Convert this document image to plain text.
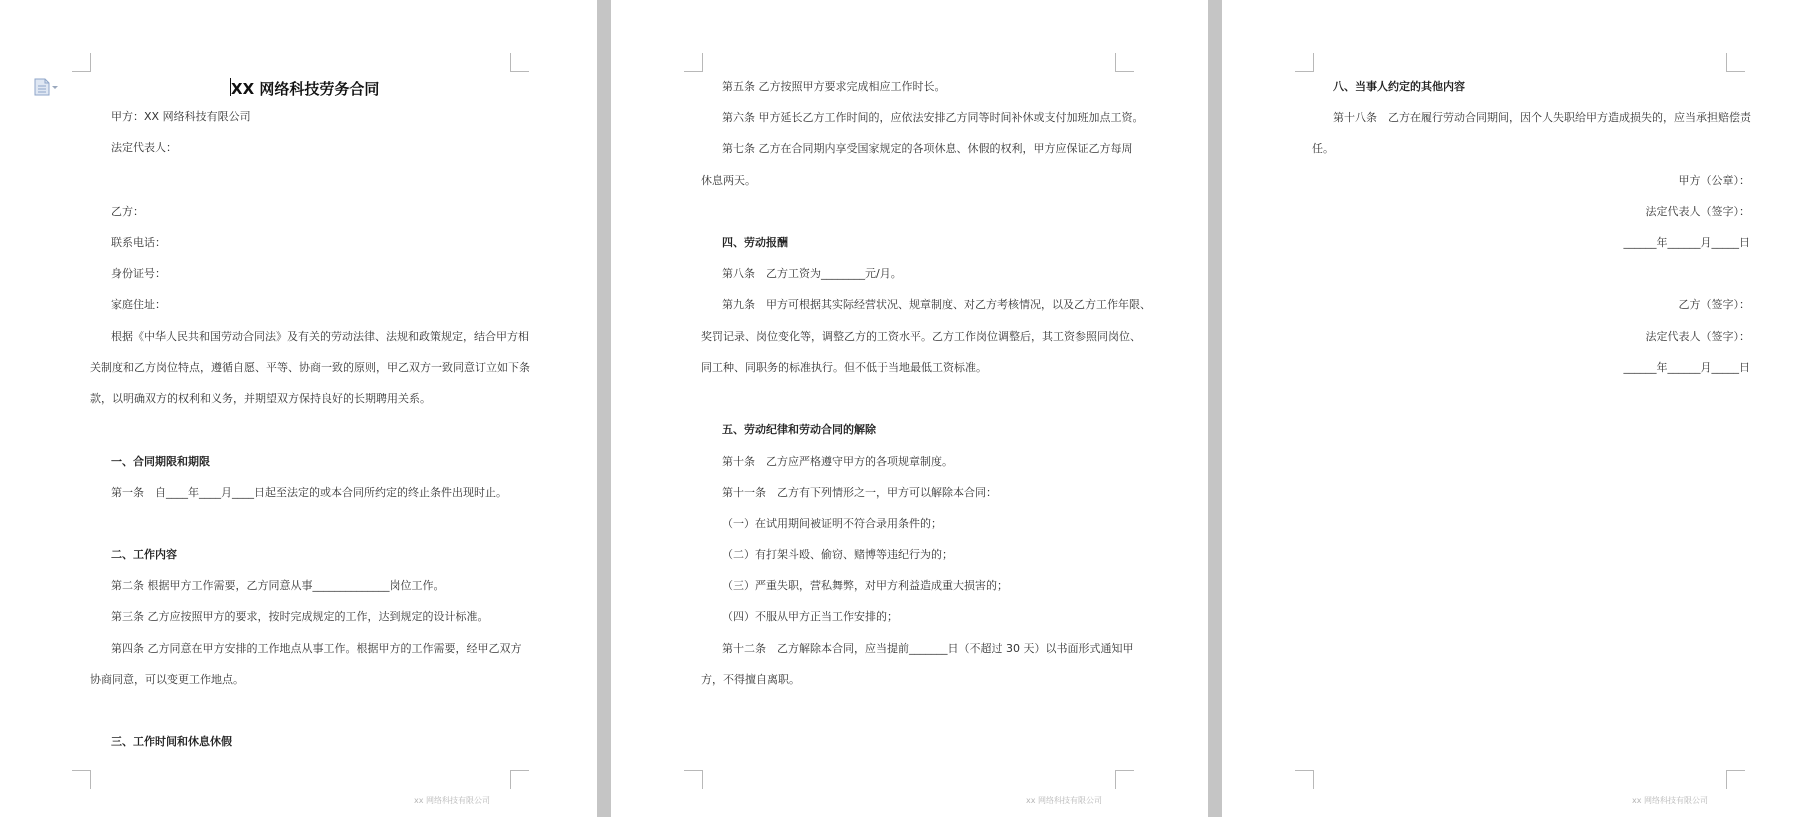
XX 网络科技劳务合同
甲方：XX 网络科技有限公司
法定代表人：
乙方：
联系电话：
身份证号：
家庭住址：
根据《中华人民共和国劳动合同法》及有关的劳动法律、法规和政策规定，结合甲方相
关制度和乙方岗位特点，遵循自愿、平等、协商一致的原则，甲乙双方一致同意订立如下条
款，以明确双方的权利和义务，并期望双方保持良好的长期聘用关系。
一、合同期限和期限
第一条　自____年____月____日起至法定的或本合同所约定的终止条件出现时止。
二、工作内容
第二条 根据甲方工作需要，乙方同意从事______________岗位工作。
第三条 乙方应按照甲方的要求，按时完成规定的工作，达到规定的设计标准。
第四条 乙方同意在甲方安排的工作地点从事工作。根据甲方的工作需要，经甲乙双方
协商同意，可以变更工作地点。
三、工作时间和休息休假
xx 网络科技有限公司
第五条 乙方按照甲方要求完成相应工作时长。
第六条 甲方延长乙方工作时间的，应依法安排乙方同等时间补休或支付加班加点工资。
第七条 乙方在合同期内享受国家规定的各项休息、休假的权利，甲方应保证乙方每周
休息两天。
四、劳动报酬
第八条　乙方工资为________元/月。
第九条　甲方可根据其实际经营状况、规章制度、对乙方考核情况，以及乙方工作年限、
奖罚记录、岗位变化等，调整乙方的工资水平。乙方工作岗位调整后，其工资参照同岗位、
同工种、同职务的标准执行。但不低于当地最低工资标准。
五、劳动纪律和劳动合同的解除
第十条　乙方应严格遵守甲方的各项规章制度。
第十一条　乙方有下列情形之一，甲方可以解除本合同：
（一）在试用期间被证明不符合录用条件的；
（二）有打架斗殴、偷窃、赌博等违纪行为的；
（三）严重失职，营私舞弊，对甲方利益造成重大损害的；
（四）不服从甲方正当工作安排的；
第十二条　乙方解除本合同，应当提前_______日（不超过 30 天）以书面形式通知甲
方，不得擅自离职。
xx 网络科技有限公司
八、当事人约定的其他内容
第十八条　乙方在履行劳动合同期间，因个人失职给甲方造成损失的，应当承担赔偿责
任。
甲方（公章）：
法定代表人（签字）：
______年______月_____日
乙方（签字）：
法定代表人（签字）：
______年______月_____日
xx 网络科技有限公司
